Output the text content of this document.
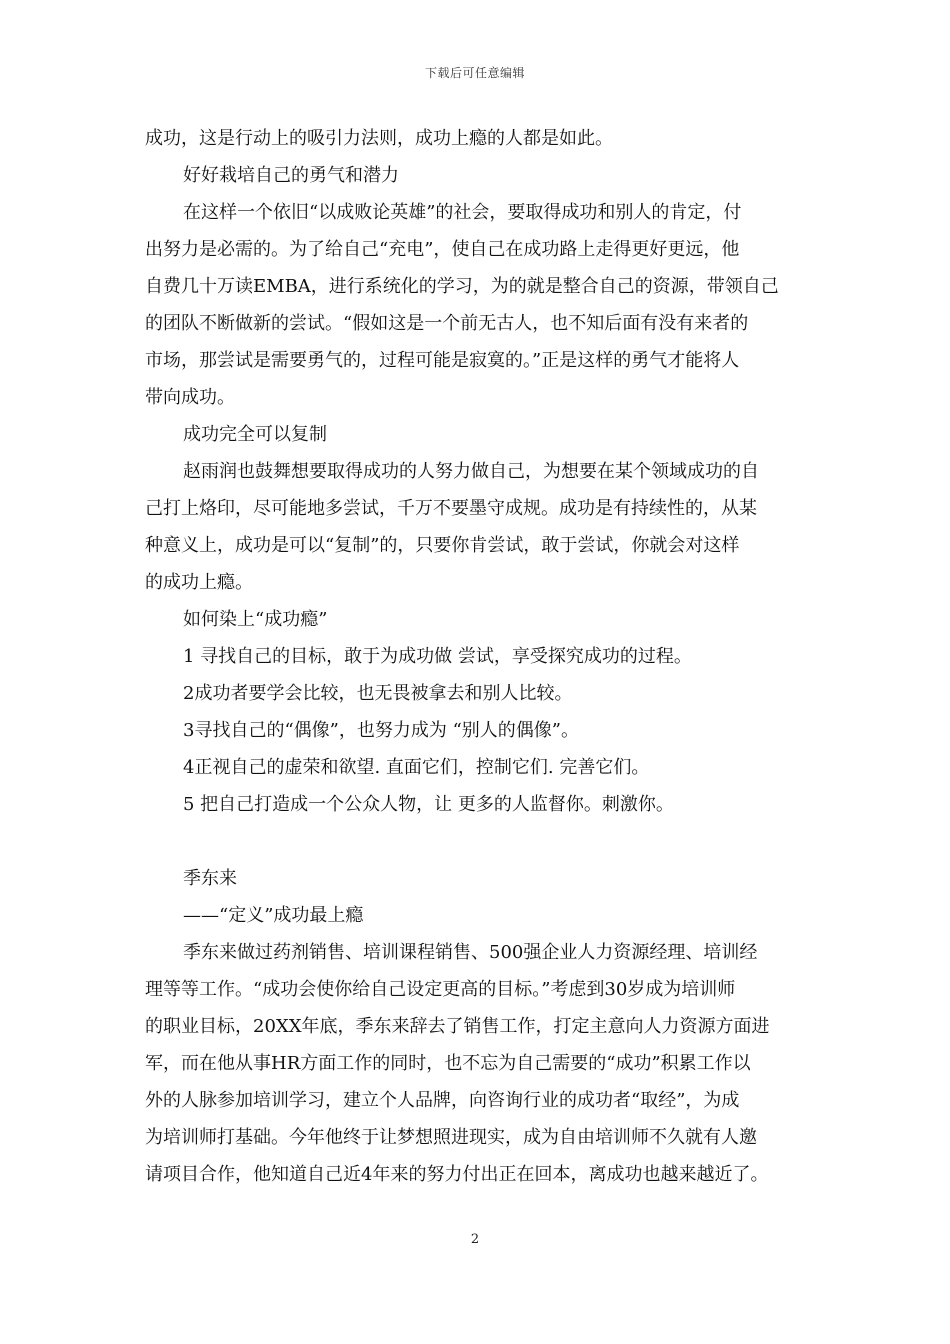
下载后可任意编辑
成功，这是行动上的吸引力法则，成功上瘾的人都是如此。
好好栽培自己的勇气和潜力
在这样一个依旧“以成败论英雄”的社会，要取得成功和别人的肯定，付
出努力是必需的。为了给自己“充电”，使自己在成功路上走得更好更远，他
自费几十万读EMBA，进行系统化的学习，为的就是整合自己的资源，带领自己
的团队不断做新的尝试。“假如这是一个前无古人，也不知后面有没有来者的
市场，那尝试是需要勇气的，过程可能是寂寞的。”正是这样的勇气才能将人
带向成功。
成功完全可以复制
赵雨润也鼓舞想要取得成功的人努力做自己，为想要在某个领域成功的自
己打上烙印，尽可能地多尝试，千万不要墨守成规。成功是有持续性的，从某
种意义上，成功是可以“复制”的，只要你肯尝试，敢于尝试，你就会对这样
的成功上瘾。
如何染上“成功瘾”
1 寻找自己的目标，敢于为成功做 尝试，享受探究成功的过程。
2成功者要学会比较，也无畏被拿去和别人比较。
3寻找自己的“偶像”，也努力成为 “别人的偶像”。
4正视自己的虚荣和欲望. 直面它们，控制它们. 完善它们。
5 把自己打造成一个公众人物，让 更多的人监督你。刺激你。
季东来
——“定义”成功最上瘾
季东来做过药剂销售、培训课程销售、500强企业人力资源经理、培训经
理等等工作。“成功会使你给自己设定更高的目标。”考虑到30岁成为培训师
的职业目标，20XX年底，季东来辞去了销售工作，打定主意向人力资源方面进
军，而在他从事HR方面工作的同时，也不忘为自己需要的“成功”积累工作以
外的人脉参加培训学习，建立个人品牌，向咨询行业的成功者“取经”，为成
为培训师打基础。今年他终于让梦想照进现实，成为自由培训师不久就有人邀
请项目合作，他知道自己近4年来的努力付出正在回本，离成功也越来越近了。
2
